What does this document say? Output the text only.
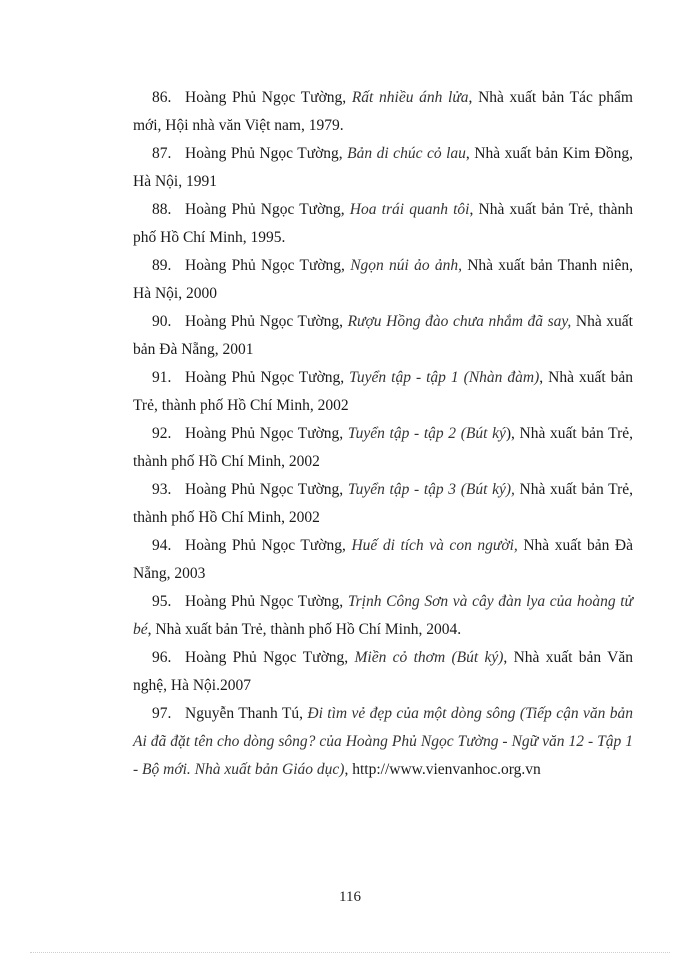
86. Hoàng Phủ Ngọc Tường, Rất nhiều ánh lửa, Nhà xuất bản Tác phẩm mới, Hội nhà văn Việt nam, 1979.

87. Hoàng Phủ Ngọc Tường, Bản di chúc cỏ lau, Nhà xuất bản Kim Đồng, Hà Nội, 1991

88. Hoàng Phủ Ngọc Tường, Hoa trái quanh tôi, Nhà xuất bản Trẻ, thành phố Hồ Chí Minh, 1995.

89. Hoàng Phủ Ngọc Tường, Ngọn núi ảo ảnh, Nhà xuất bản Thanh niên, Hà Nội, 2000

90. Hoàng Phủ Ngọc Tường, Rượu Hồng đào chưa nhắm đã say, Nhà xuất bản Đà Nẵng, 2001

91. Hoàng Phủ Ngọc Tường, Tuyển tập - tập 1 (Nhàn đàm), Nhà xuất bản Trẻ, thành phố Hồ Chí Minh, 2002

92. Hoàng Phủ Ngọc Tường, Tuyển tập - tập 2 (Bút ký), Nhà xuất bản Trẻ, thành phố Hồ Chí Minh, 2002

93. Hoàng Phủ Ngọc Tường, Tuyển tập - tập 3 (Bút ký), Nhà xuất bản Trẻ, thành phố Hồ Chí Minh, 2002

94. Hoàng Phủ Ngọc Tường, Huế di tích và con người, Nhà xuất bản Đà Nẵng, 2003

95. Hoàng Phủ Ngọc Tường, Trịnh Công Sơn và cây đàn lya của hoàng tử bé, Nhà xuất bản Trẻ, thành phố Hồ Chí Minh, 2004.

96. Hoàng Phủ Ngọc Tường, Miền cỏ thơm (Bút ký), Nhà xuất bản Văn nghệ, Hà Nội.2007

97. Nguyễn Thanh Tú, Đi tìm vẻ đẹp của một dòng sông (Tiếp cận văn bản Ai đã đặt tên cho dòng sông? của Hoàng Phủ Ngọc Tường - Ngữ văn 12 - Tập 1 - Bộ mới. Nhà xuất bản Giáo dục), http://www.vienvanhoc.org.vn

116
